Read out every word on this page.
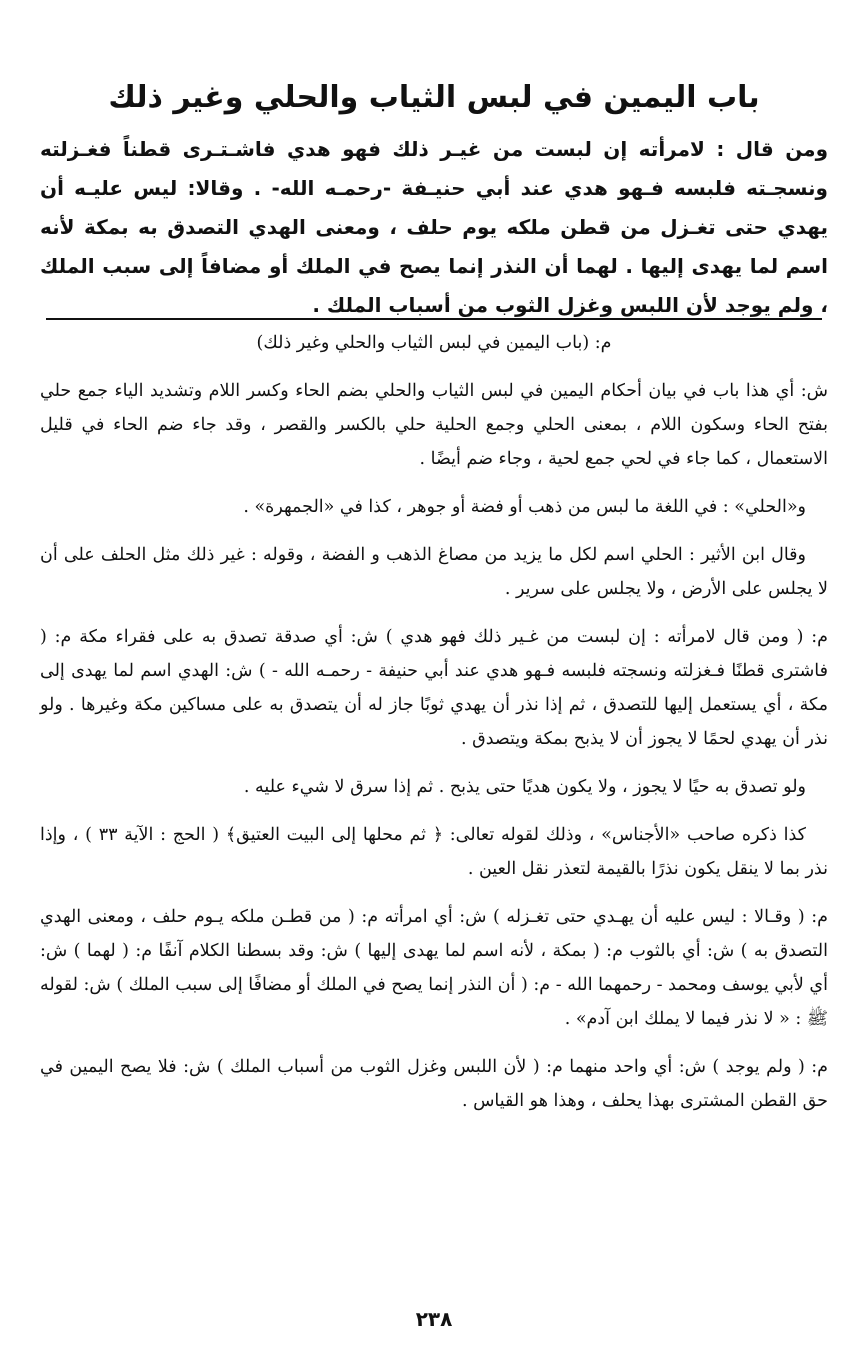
باب اليمين في لبس الثياب والحلي وغير ذلك

ومن قال : لامرأته إن لبست من غيـر ذلك فهو هدي فاشـتـرى قطناً فغـزلته ونسجـته فلبسه فـهو هدي عند أبي حنيـفة -رحمـه الله- . وقالا: ليس عليـه أن يهدي حتى تغـزل من قطن ملكه يوم حلف ، ومعنى الهدي التصدق به بمكة لأنه اسم لما يهدى إليها . لهما أن النذر إنما يصح في الملك أو مضافاً إلى سبب الملك ، ولم يوجد لأن اللبس وغزل الثوب من أسباب الملك .

م: (باب اليمين في لبس الثياب والحلي وغير ذلك)

ش: أي هذا باب في بيان أحكام اليمين في لبس الثياب والحلي بضم الحاء وكسر اللام وتشديد الياء جمع حلي بفتح الحاء وسكون اللام ، بمعنى الحلي وجمع الحلية حلي بالكسر والقصر ، وقد جاء ضم الحاء في قليل الاستعمال ، كما جاء في لحي جمع لحية ، وجاء ضم أيضًا .

و«الحلي» : في اللغة ما لبس من ذهب أو فضة أو جوهر ، كذا في «الجمهرة» .

وقال ابن الأثير : الحلي اسم لكل ما يزيد من مصاغ الذهب و الفضة ، وقوله : غير ذلك مثل الحلف على أن لا يجلس على الأرض ، ولا يجلس على سرير .

م: ( ومن قال لامرأته : إن لبست من غـير ذلك فهو هدي ) ش: أي صدقة تصدق به على فقراء مكة م: ( فاشترى قطنًا فـغزلته ونسجته فلبسه فـهو هدي عند أبي حنيفة - رحمـه الله - ) ش: الهدي اسم لما يهدى إلى مكة ، أي يستعمل إليها للتصدق ، ثم إذا نذر أن يهدي ثوبًا جاز له أن يتصدق به على مساكين مكة وغيرها . ولو نذر أن يهدي لحمًا لا يجوز أن لا يذبح بمكة ويتصدق .

ولو تصدق به حيًا لا يجوز ، ولا يكون هديًا حتى يذبح . ثم إذا سرق لا شيء عليه .

كذا ذكره صاحب «الأجناس» ، وذلك لقوله تعالى: ﴿ ثم محلها إلى البيت العتيق﴾ ( الحج : الآية ٣٣ ) ، وإذا نذر بما لا ينقل يكون نذرًا بالقيمة لتعذر نقل العين .

م: ( وقـالا : ليس عليه أن يهـدي حتى تغـزله ) ش: أي امرأته م: ( من قطـن ملكه يـوم حلف ، ومعنى الهدي التصدق به ) ش: أي بالثوب م: ( بمكة ، لأنه اسم لما يهدى إليها ) ش: وقد بسطنا الكلام آنفًا م: ( لهما ) ش: أي لأبي يوسف ومحمد - رحمهما الله - م: ( أن النذر إنما يصح في الملك أو مضافًا إلى سبب الملك ) ش: لقوله ﷺ : « لا نذر فيما لا يملك ابن آدم» .

م: ( ولم يوجد ) ش: أي واحد منهما م: ( لأن اللبس وغزل الثوب من أسباب الملك ) ش: فلا يصح اليمين في حق القطن المشترى بهذا يحلف ، وهذا هو القياس .

٢٣٨
